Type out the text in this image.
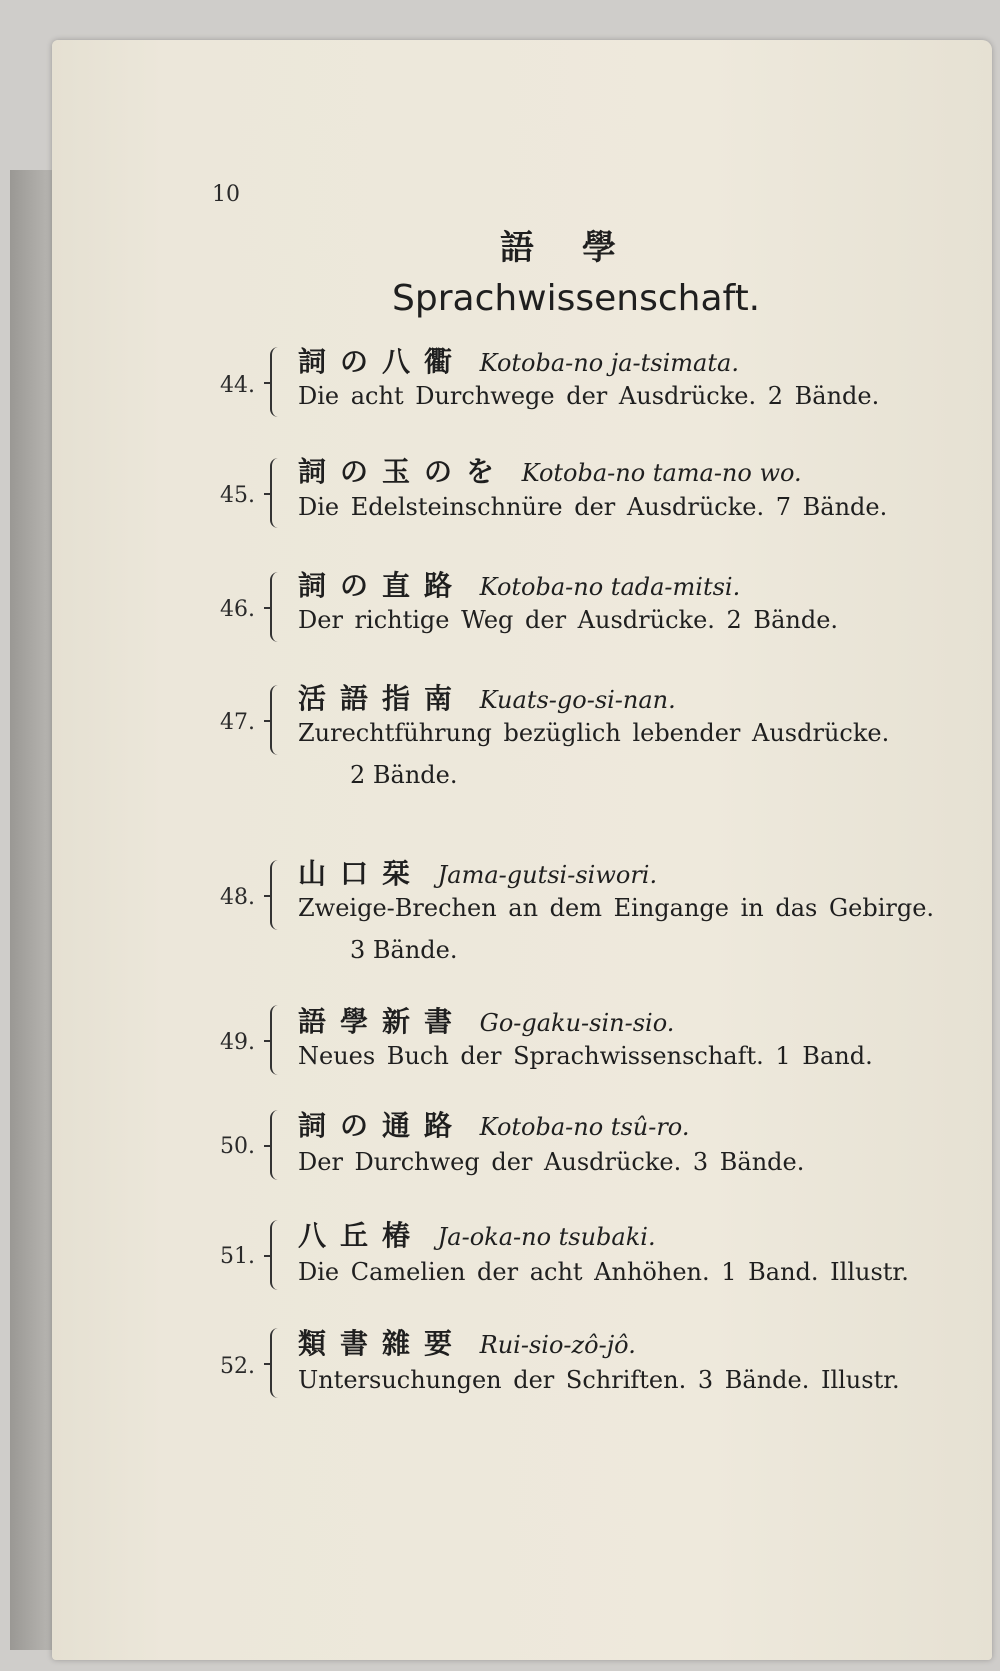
10
語學
Sprachwissenschaft.
44.
詞の八衢 Kotoba-no ja-tsimata.
Die acht Durchwege der Ausdrücke. 2 Bände.
45.
詞の玉のを Kotoba-no tama-no wo.
Die Edelsteinschnüre der Ausdrücke. 7 Bände.
46.
詞の直路 Kotoba-no tada-mitsi.
Der richtige Weg der Ausdrücke. 2 Bände.
47.
活語指南 Kuats-go-si-nan.
Zurechtführung bezüglich lebender Ausdrücke.
2 Bände.
48.
山口栞 Jama-gutsi-siwori.
Zweige-Brechen an dem Eingange in das Gebirge.
3 Bände.
49.
語學新書 Go-gaku-sin-sio.
Neues Buch der Sprachwissenschaft. 1 Band.
50.
詞の通路 Kotoba-no tsû-ro.
Der Durchweg der Ausdrücke. 3 Bände.
51.
八丘椿 Ja-oka-no tsubaki.
Die Camelien der acht Anhöhen. 1 Band. Illustr.
52.
類書雜要 Rui-sio-zô-jô.
Untersuchungen der Schriften. 3 Bände. Illustr.
